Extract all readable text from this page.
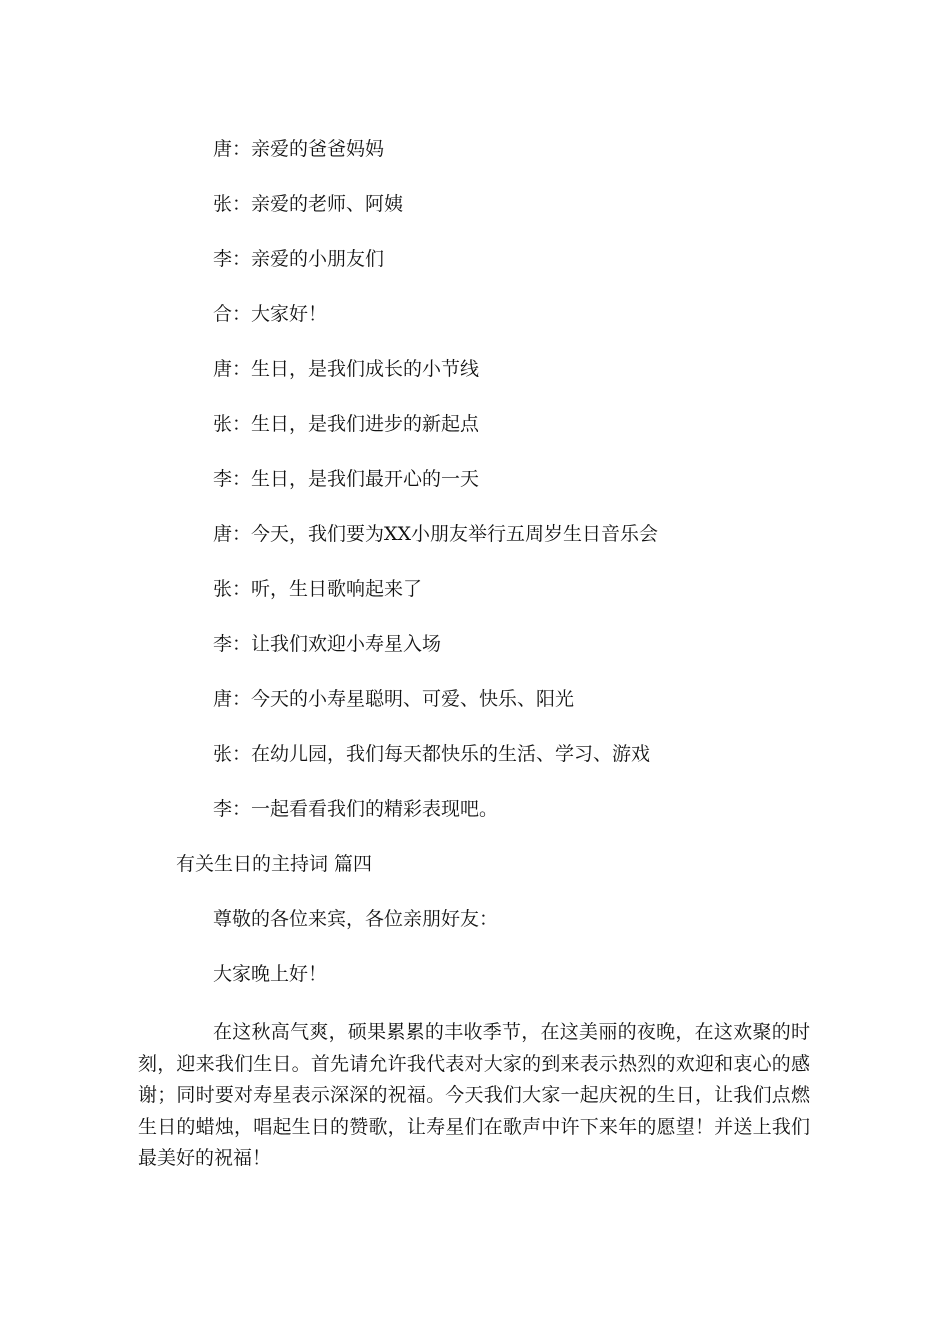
唐：亲爱的爸爸妈妈

张：亲爱的老师、阿姨

李：亲爱的小朋友们

合：大家好！

唐：生日，是我们成长的小节线

张：生日，是我们进步的新起点

李：生日，是我们最开心的一天

唐：今天，我们要为XX小朋友举行五周岁生日音乐会

张：听，生日歌响起来了

李：让我们欢迎小寿星入场

唐：今天的小寿星聪明、可爱、快乐、阳光

张：在幼儿园，我们每天都快乐的生活、学习、游戏

李：一起看看我们的精彩表现吧。

有关生日的主持词 篇四

尊敬的各位来宾，各位亲朋好友：

大家晚上好！

在这秋高气爽，硕果累累的丰收季节，在这美丽的夜晚，在这欢聚的时刻，迎来我们生日。首先请允许我代表对大家的到来表示热烈的欢迎和衷心的感谢；同时要对寿星表示深深的祝福。今天我们大家一起庆祝的生日，让我们点燃生日的蜡烛，唱起生日的赞歌，让寿星们在歌声中许下来年的愿望！并送上我们最美好的祝福！
